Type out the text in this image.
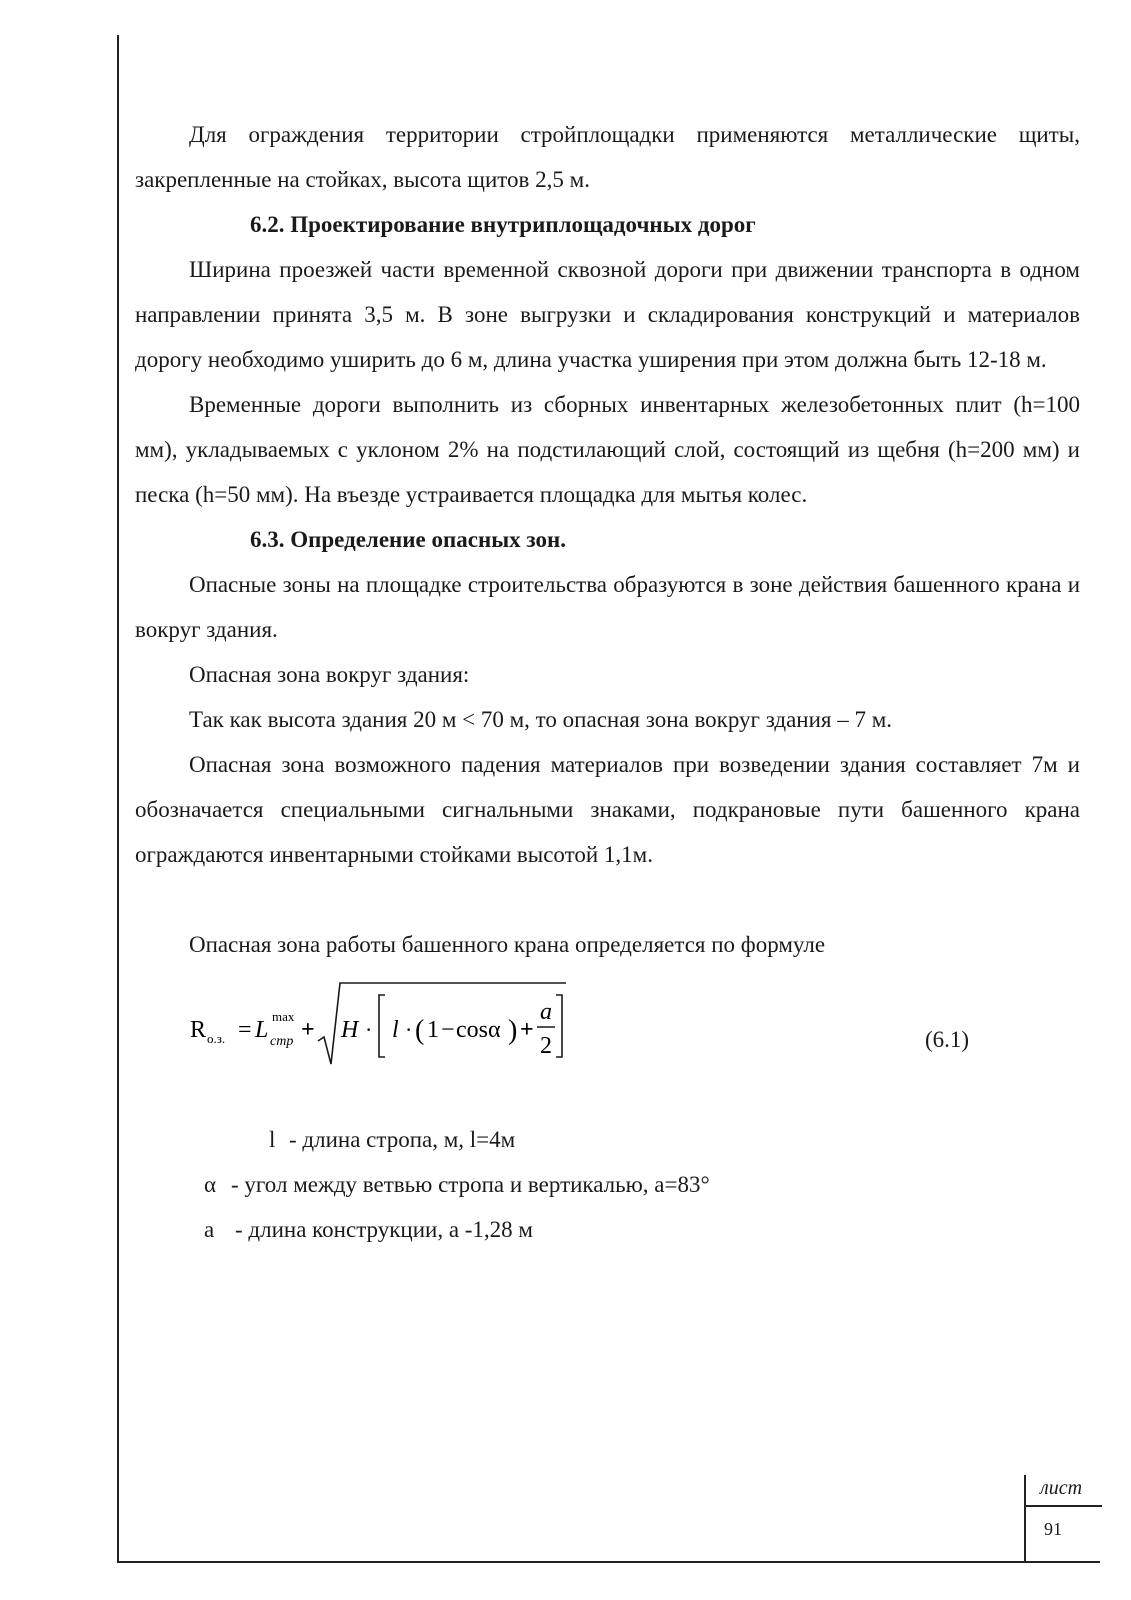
Для ограждения территории стройплощадки применяются металлические щиты, закрепленные на стойках, высота щитов 2,5 м.

6.2. Проектирование внутриплощадочных дорог

Ширина проезжей части временной сквозной дороги при движении транспорта в одном направлении принята 3,5 м. В зоне выгрузки и складирования конструкций и материалов дорогу необходимо уширить до 6 м, длина участка уширения при этом должна быть 12-18 м.

Временные дороги выполнить из сборных инвентарных железобетонных плит (h=100 мм), укладываемых с уклоном 2% на подстилающий слой, состоящий из щебня (h=200 мм) и песка (h=50 мм). На въезде устраивается площадка для мытья колес.

6.3. Определение опасных зон.

Опасные зоны на площадке строительства образуются в зоне действия башенного крана и вокруг здания.

Опасная зона вокруг здания:

Так как высота здания 20 м < 70 м, то опасная зона вокруг здания – 7 м.

Опасная зона возможного падения материалов при возведении здания составляет 7м и обозначается специальными сигнальными знаками, подкрановые пути башенного крана ограждаются инвентарными стойками высотой 1,1м.

Опасная зона работы башенного крана определяется по формуле

R о.з. = L
max
стр + H · l · ( 1 − cosα ) +
a
2	(6.1)
l - длина стропа, м, l=4м
α - угол между ветвью стропа и вертикалью, a=83°
а - длина конструкции, а -1,28 м
лист
91
